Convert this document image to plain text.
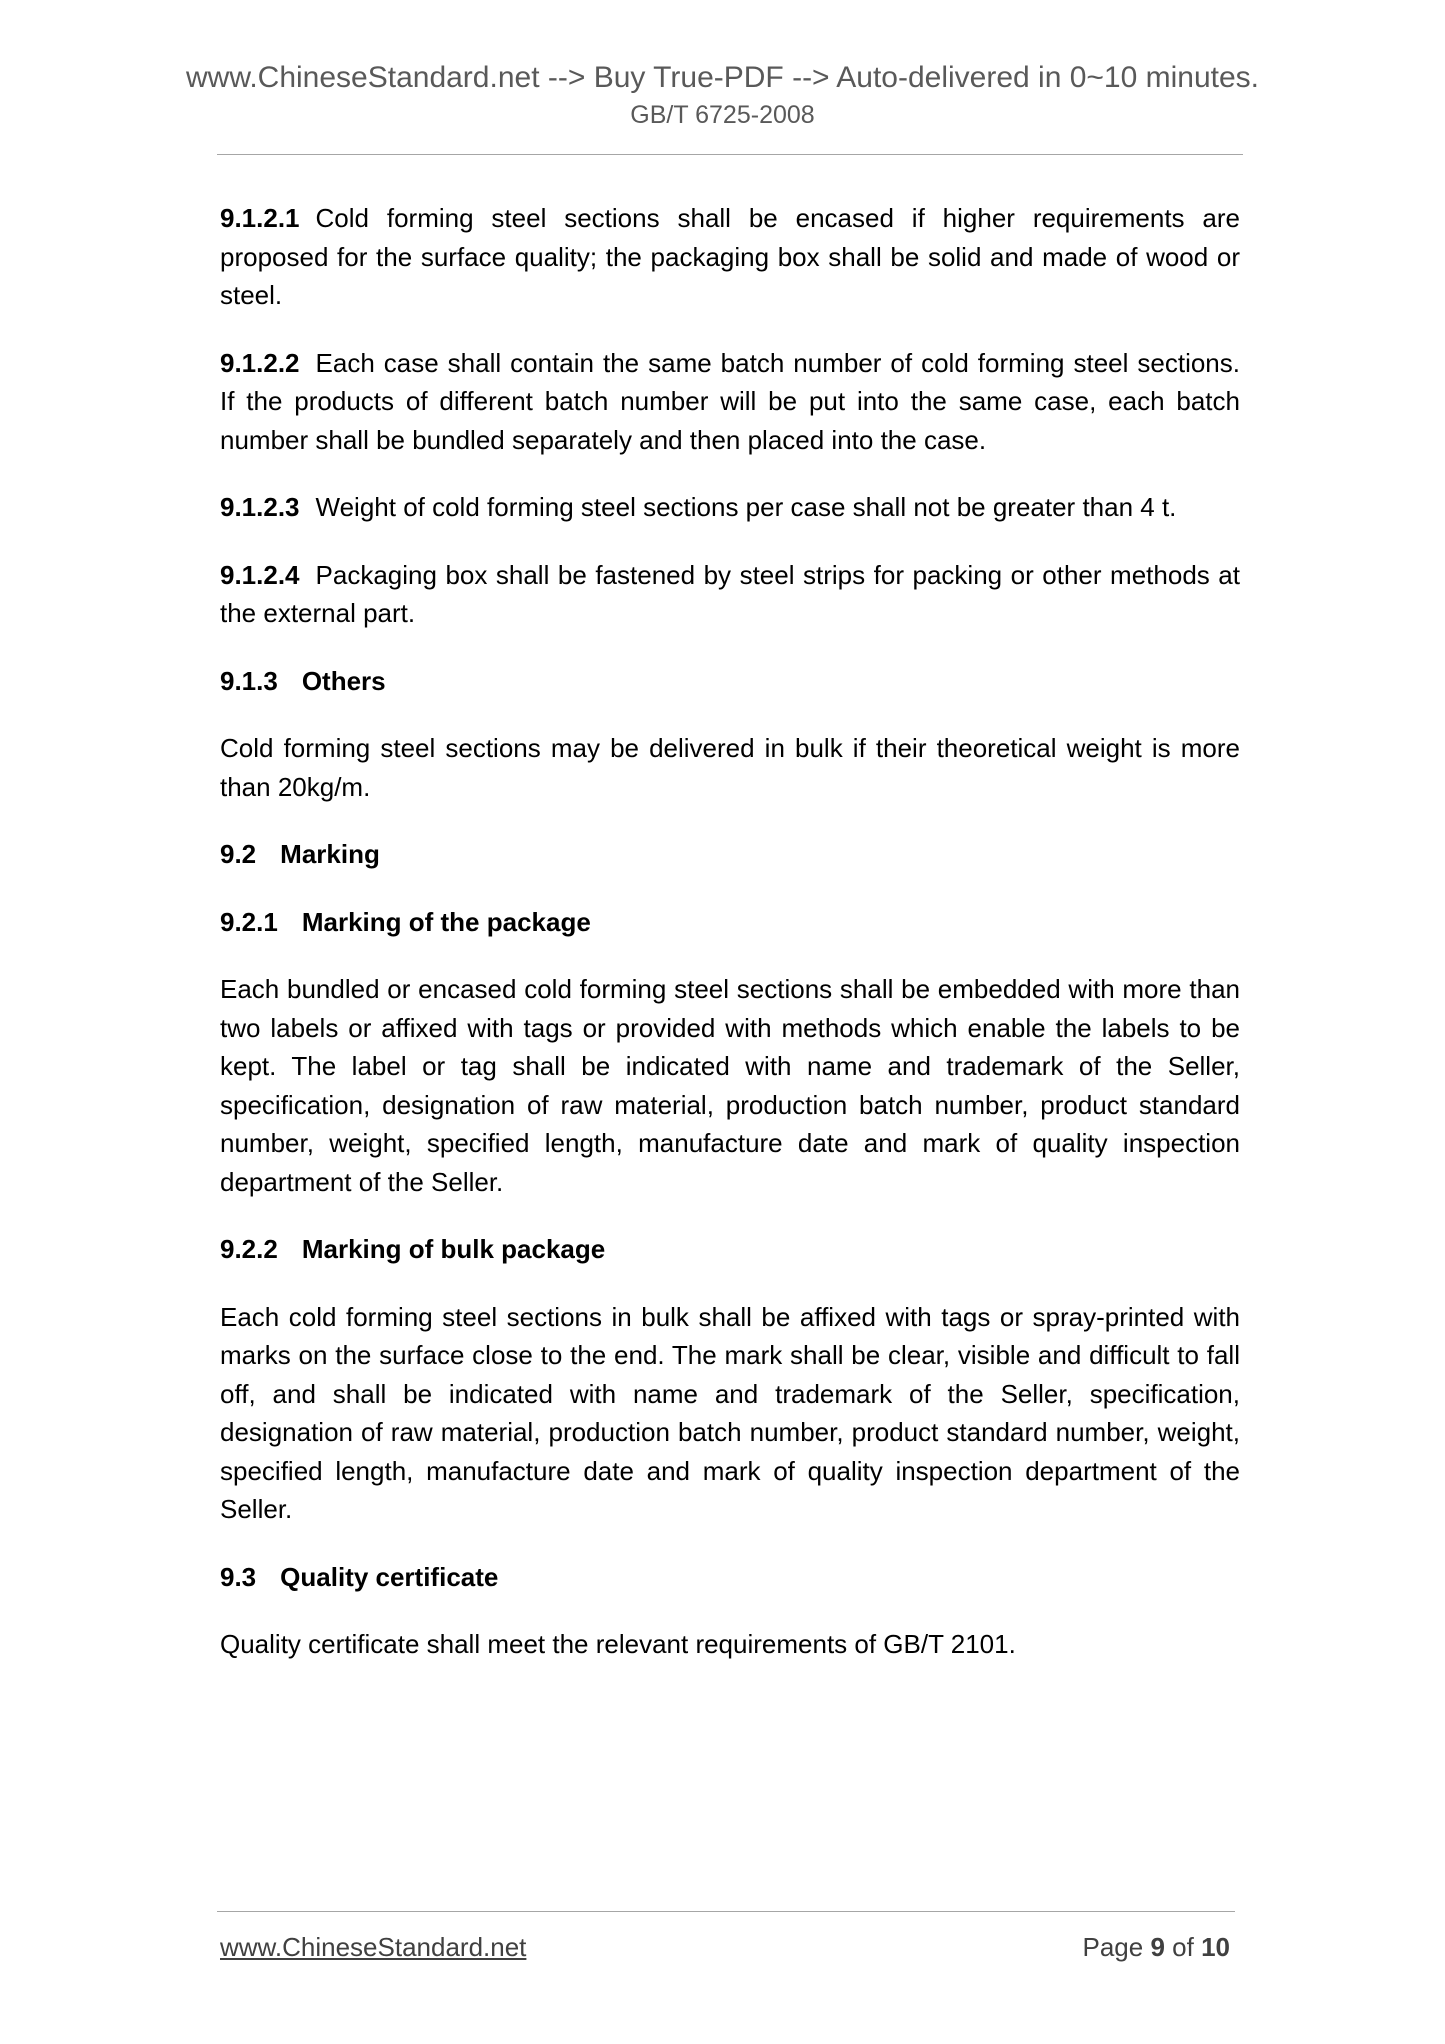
www.ChineseStandard.net --> Buy True-PDF --> Auto-delivered in 0~10 minutes.
GB/T 6725-2008

9.1.2.1 Cold forming steel sections shall be encased if higher requirements are proposed for the surface quality; the packaging box shall be solid and made of wood or steel.

9.1.2.2 Each case shall contain the same batch number of cold forming steel sections. If the products of different batch number will be put into the same case, each batch number shall be bundled separately and then placed into the case.

9.1.2.3 Weight of cold forming steel sections per case shall not be greater than 4 t.

9.1.2.4 Packaging box shall be fastened by steel strips for packing or other methods at the external part.

9.1.3 Others

Cold forming steel sections may be delivered in bulk if their theoretical weight is more than 20kg/m.

9.2 Marking
9.2.1 Marking of the package

Each bundled or encased cold forming steel sections shall be embedded with more than two labels or affixed with tags or provided with methods which enable the labels to be kept. The label or tag shall be indicated with name and trademark of the Seller, specification, designation of raw material, production batch number, product standard number, weight, specified length, manufacture date and mark of quality inspection department of the Seller.

9.2.2 Marking of bulk package

Each cold forming steel sections in bulk shall be affixed with tags or spray-printed with marks on the surface close to the end. The mark shall be clear, visible and difficult to fall off, and shall be indicated with name and trademark of the Seller, specification, designation of raw material, production batch number, product standard number, weight, specified length, manufacture date and mark of quality inspection department of the Seller.

9.3 Quality certificate

Quality certificate shall meet the relevant requirements of GB/T 2101.

www.ChineseStandard.net	Page 9 of 10
